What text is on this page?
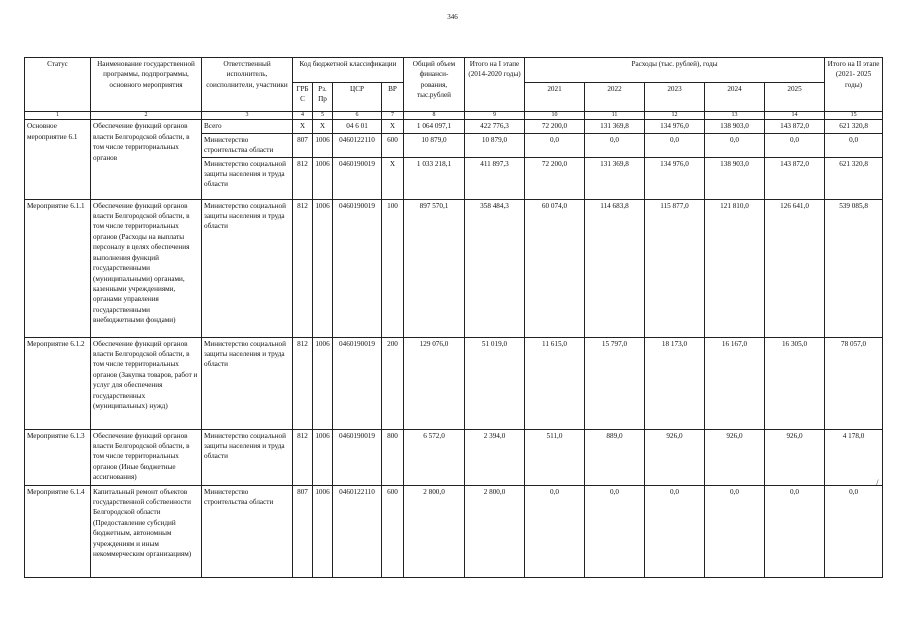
346
/
Статус	Наименование государственной программы, подпрограммы, основного мероприятия	Ответственный исполнитель, соисполнители, участники	Код бюджетной классификации				Общий объем финанси- рования, тыс.рублей	Итого на I этапе (2014-2020 годы)	Расходы (тыс. рублей), годы					Итого на II этапе (2021- 2025 годы)
			ГРБ С	Рз. Пр	ЦСР	ВР			2021	2022	2023	2024	2025	
1	2	3	4	5	6	7	8	9	10	11	12	13	14	15
Основное мероприятие 6.1	Обеспечение функций органов власти Белгородской области, в том числе территориальных органов	Всего	X	X	04 6 01	X	1 064 097,1	422 776,3	72 200,0	131 369,8	134 976,0	138 903,0	143 872,0	621 320,8
		Министерство строительства области	807	1006	0460122110	600	10 879,0	10 879,0	0,0	0,0	0,0	0,0	0,0	0,0
		Министерство социальной защиты населения и труда области	812	1006	0460190019	X	1 033 218,1	411 897,3	72 200,0	131 369,8	134 976,0	138 903,0	143 872,0	621 320,8
Мероприятие 6.1.1	Обеспечение функций органов власти Белгородской области, в том числе территориальных органов (Расходы на выплаты персоналу в целях обеспечения выполнения функций государственными (муниципальными) органами, казенными учреждениями, органами управления государственными внебюджетными фондами)	Министерство социальной защиты населения и труда области	812	1006	0460190019	100	897 570,1	358 484,3	60 074,0	114 683,8	115 877,0	121 810,0	126 641,0	539 085,8
Мероприятие 6.1.2	Обеспечение функций органов власти Белгородской области, в том числе территориальных органов (Закупка товаров, работ и услуг для обеспечения государственных (муниципальных) нужд)	Министерство социальной защиты населения и труда области	812	1006	0460190019	200	129 076,0	51 019,0	11 615,0	15 797,0	18 173,0	16 167,0	16 305,0	78 057,0
Мероприятие 6.1.3	Обеспечение функций органов власти Белгородской области, в том числе территориальных органов (Иные бюджетные ассигнования)	Министерство социальной защиты населения и труда области	812	1006	0460190019	800	6 572,0	2 394,0	511,0	889,0	926,0	926,0	926,0	4 178,0
Мероприятие 6.1.4	Капитальный ремонт объектов государственной собственности Белгородской области (Предоставление субсидий бюджетным, автономным учреждениям и иным некоммерческим организациям)	Министерство строительства области	807	1006	0460122110	600	2 800,0	2 800,0	0,0	0,0	0,0	0,0	0,0	0,0
